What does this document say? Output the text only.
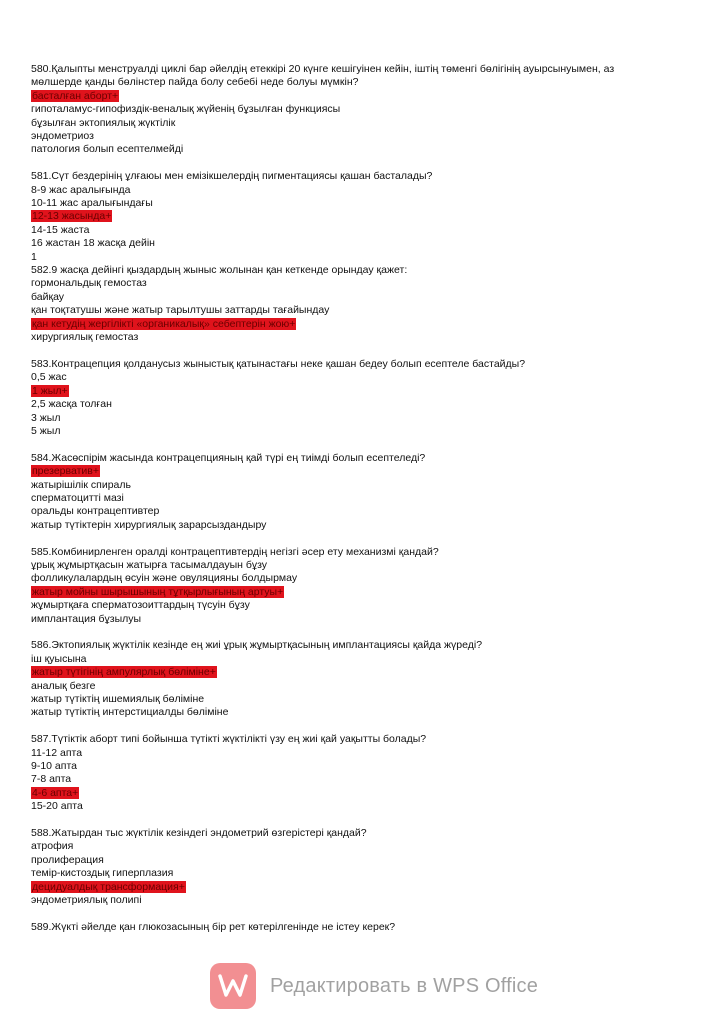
580.Қалыпты менструалді циклі бар әйелдің етеккірі 20 күнге кешігуінен кейін, іштің төменгі бөлігінің ауырсынуымен, аз

мөлшерде қанды бөлінстер пайда болу себебі неде болуы мүмкін?

басталған аборт+

гипоталамус-гипофиздік-веналық жүйенің бұзылған функциясы

бұзылған эктопиялық жүктілік

эндометриоз

патология болып есептелмейді

581.Сүт бездерінің ұлғаюы мен емізікшелердің пигментациясы қашан басталады?

8-9 жас аралығында

10-11 жас аралығындағы

12-13 жасында+

14-15 жаста

16 жастан 18 жасқа дейін

1

582.9 жасқа дейінгі қыздардың жыныс жолынан қан кеткенде орындау қажет:

гормональдық гемостаз

байқау

қан тоқтатушы және жатыр тарылтушы заттарды тағайындау

қан кетудің жергілікті «органикалық» себептерін жою+

хирургиялық гемостаз

583.Контрацепция қолданусыз жыныстық қатынастағы неке қашан бедеу болып есептеле бастайды?

0,5 жас

1 жыл+

2,5 жасқа толған

3 жыл

5 жыл

584.Жасөспірім жасында контрацепцияның қай түрі ең тиімді болып есептеледі?

презерватив+

жатырішілік спираль

сперматоцитті мазі

оральды контрацептивтер

жатыр түтіктерін хирургиялық зарарсыздандыру

585.Комбинирленген оралді контрацептивтердің негізгі әсер ету механизмі қандай?

ұрық жұмыртқасын жатырға тасымалдауын бұзу

фолликулалардың өсуін және овуляцияны болдырмау

жатыр мойны шырышының тұтқырлығының артуы+

жұмыртқаға сперматозоиттардың түсуін бұзу

имплантация бұзылуы

586.Эктопиялық жүктілік кезінде ең жиі ұрық жұмыртқасының имплантациясы қайда жүреді?

іш қуысына

жатыр түтігінің ампулярлық бөлiмiне+

аналық безге

жатыр түтіктің ишемиялық бөлiмiне

жатыр түтіктің интерстициалды бөлiмiне

587.Түтіктік аборт типі бойынша түтікті жүктілікті үзу ең жиі қай уақытты болады?

11-12 апта

9-10 апта

7-8 апта

4-6 апта+

15-20 апта

588.Жатырдан тыс жүктілік кезіндегі эндометрий өзгерістері қандай?

атрофия

пролиферация

темір-кистоздық гиперплазия

децидуалдық трансформация+

эндометриялық полипі

589.Жүкті әйелде қан глюкозасының бір рет көтерілгенінде не істеу керек?

Редактировать в WPS Office
